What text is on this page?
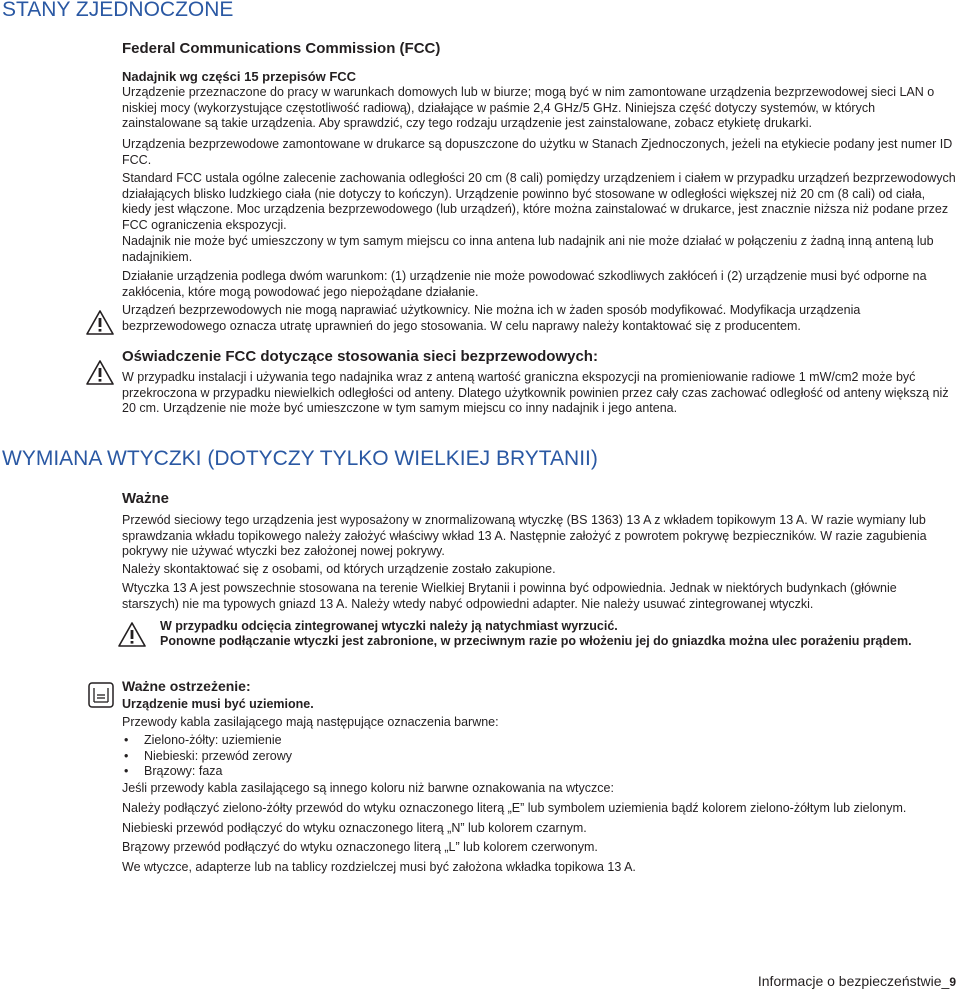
STANY ZJEDNOCZONE
Federal Communications Commission (FCC)
Nadajnik wg części 15 przepisów FCC

Urządzenie przeznaczone do pracy w warunkach domowych lub w biurze; mogą być w nim zamontowane urządzenia bezprzewodowej sieci LAN o niskiej mocy (wykorzystujące częstotliwość radiową), działające w paśmie 2,4 GHz/5 GHz. Niniejsza część dotyczy systemów, w których zainstalowane są takie urządzenia. Aby sprawdzić, czy tego rodzaju urządzenie jest zainstalowane, zobacz etykietę drukarki.

Urządzenia bezprzewodowe zamontowane w drukarce są dopuszczone do użytku w Stanach Zjednoczonych, jeżeli na etykiecie podany jest numer ID FCC.

Standard FCC ustala ogólne zalecenie zachowania odległości 20 cm (8 cali) pomiędzy urządzeniem i ciałem w przypadku urządzeń bezprzewodowych działających blisko ludzkiego ciała (nie dotyczy to kończyn). Urządzenie powinno być stosowane w odległości większej niż 20 cm (8 cali) od ciała, kiedy jest włączone. Moc urządzenia bezprzewodowego (lub urządzeń), które można zainstalować w drukarce, jest znacznie niższa niż podane przez FCC ograniczenia ekspozycji.

Nadajnik nie może być umieszczony w tym samym miejscu co inna antena lub nadajnik ani nie może działać w połączeniu z żadną inną anteną lub nadajnikiem.

Działanie urządzenia podlega dwóm warunkom: (1) urządzenie nie może powodować szkodliwych zakłóceń i (2) urządzenie musi być odporne na zakłócenia, które mogą powodować jego niepożądane działanie.

Urządzeń bezprzewodowych nie mogą naprawiać użytkownicy. Nie można ich w żaden sposób modyfikować. Modyfikacja urządzenia bezprzewodowego oznacza utratę uprawnień do jego stosowania. W celu naprawy należy kontaktować się z producentem.

Oświadczenie FCC dotyczące stosowania sieci bezprzewodowych:

W przypadku instalacji i używania tego nadajnika wraz z anteną wartość graniczna ekspozycji na promieniowanie radiowe 1 mW/cm2 może być przekroczona w przypadku niewielkich odległości od anteny. Dlatego użytkownik powinien przez cały czas zachować odległość od anteny większą niż 20 cm. Urządzenie nie może być umieszczone w tym samym miejscu co inny nadajnik i jego antena.

WYMIANA WTYCZKI (DOTYCZY TYLKO WIELKIEJ BRYTANII)
Ważne

Przewód sieciowy tego urządzenia jest wyposażony w znormalizowaną wtyczkę (BS 1363) 13 A z wkładem topikowym 13 A. W razie wymiany lub sprawdzania wkładu topikowego należy założyć właściwy wkład 13 A. Następnie założyć z powrotem pokrywę bezpieczników. W razie zagubienia pokrywy nie używać wtyczki bez założonej nowej pokrywy.

Należy skontaktować się z osobami, od których urządzenie zostało zakupione.

Wtyczka 13 A jest powszechnie stosowana na terenie Wielkiej Brytanii i powinna być odpowiednia. Jednak w niektórych budynkach (głównie starszych) nie ma typowych gniazd 13 A. Należy wtedy nabyć odpowiedni adapter. Nie należy usuwać zintegrowanej wtyczki.

W przypadku odcięcia zintegrowanej wtyczki należy ją natychmiast wyrzucić.

Ponowne podłączanie wtyczki jest zabronione, w przeciwnym razie po włożeniu jej do gniazdka można ulec porażeniu prądem.

Ważne ostrzeżenie:
Urządzenie musi być uziemione.

Przewody kabla zasilającego mają następujące oznaczenia barwne:

• Zielono-żółty: uziemienie
• Niebieski: przewód zerowy
• Brązowy: faza

Jeśli przewody kabla zasilającego są innego koloru niż barwne oznakowania na wtyczce:

Należy podłączyć zielono-żółty przewód do wtyku oznaczonego literą „E” lub symbolem uziemienia bądź kolorem zielono-żółtym lub zielonym.

Niebieski przewód podłączyć do wtyku oznaczonego literą „N” lub kolorem czarnym.

Brązowy przewód podłączyć do wtyku oznaczonego literą „L” lub kolorem czerwonym.

We wtyczce, adapterze lub na tablicy rozdzielczej musi być założona wkładka topikowa 13 A.

Informacje o bezpieczeństwie_9
